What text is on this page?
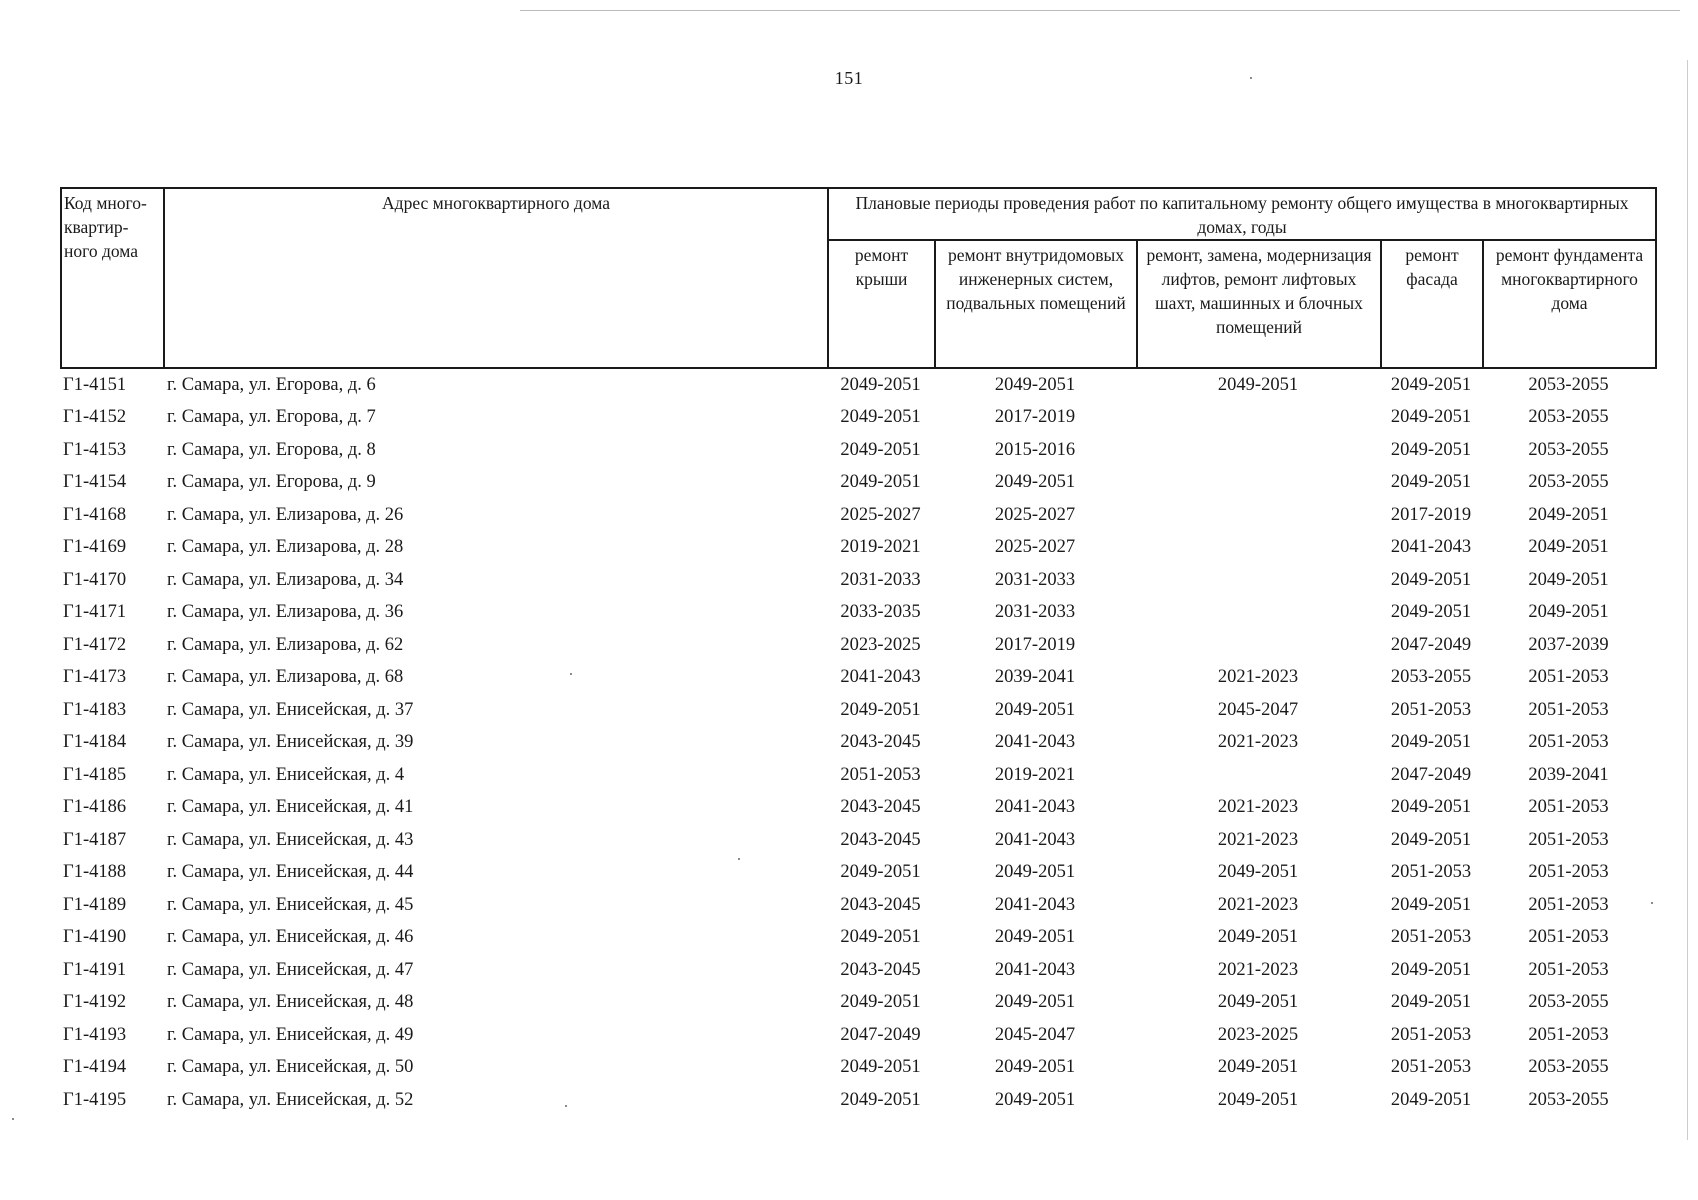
151
Код много-квартир-ного дома	Адрес многоквартирного дома	Плановые периоды проведения работ по капитальному ремонту общего имущества в многоквартирных домах, годы				
		ремонт крыши	ремонт внутридомовых инженерных систем, подвальных помещений	ремонт, замена, модернизация лифтов, ремонт лифтовых шахт, машинных и блочных помещений	ремонт фасада	ремонт фундамента многоквартирного дома
Г1-4151	г. Самара, ул. Егорова, д. 6	2049-2051	2049-2051	2049-2051	2049-2051	2053-2055
Г1-4152	г. Самара, ул. Егорова, д. 7	2049-2051	2017-2019		2049-2051	2053-2055
Г1-4153	г. Самара, ул. Егорова, д. 8	2049-2051	2015-2016		2049-2051	2053-2055
Г1-4154	г. Самара, ул. Егорова, д. 9	2049-2051	2049-2051		2049-2051	2053-2055
Г1-4168	г. Самара, ул. Елизарова, д. 26	2025-2027	2025-2027		2017-2019	2049-2051
Г1-4169	г. Самара, ул. Елизарова, д. 28	2019-2021	2025-2027		2041-2043	2049-2051
Г1-4170	г. Самара, ул. Елизарова, д. 34	2031-2033	2031-2033		2049-2051	2049-2051
Г1-4171	г. Самара, ул. Елизарова, д. 36	2033-2035	2031-2033		2049-2051	2049-2051
Г1-4172	г. Самара, ул. Елизарова, д. 62	2023-2025	2017-2019		2047-2049	2037-2039
Г1-4173	г. Самара, ул. Елизарова, д. 68	2041-2043	2039-2041	2021-2023	2053-2055	2051-2053
Г1-4183	г. Самара, ул. Енисейская, д. 37	2049-2051	2049-2051	2045-2047	2051-2053	2051-2053
Г1-4184	г. Самара, ул. Енисейская, д. 39	2043-2045	2041-2043	2021-2023	2049-2051	2051-2053
Г1-4185	г. Самара, ул. Енисейская, д. 4	2051-2053	2019-2021		2047-2049	2039-2041
Г1-4186	г. Самара, ул. Енисейская, д. 41	2043-2045	2041-2043	2021-2023	2049-2051	2051-2053
Г1-4187	г. Самара, ул. Енисейская, д. 43	2043-2045	2041-2043	2021-2023	2049-2051	2051-2053
Г1-4188	г. Самара, ул. Енисейская, д. 44	2049-2051	2049-2051	2049-2051	2051-2053	2051-2053
Г1-4189	г. Самара, ул. Енисейская, д. 45	2043-2045	2041-2043	2021-2023	2049-2051	2051-2053
Г1-4190	г. Самара, ул. Енисейская, д. 46	2049-2051	2049-2051	2049-2051	2051-2053	2051-2053
Г1-4191	г. Самара, ул. Енисейская, д. 47	2043-2045	2041-2043	2021-2023	2049-2051	2051-2053
Г1-4192	г. Самара, ул. Енисейская, д. 48	2049-2051	2049-2051	2049-2051	2049-2051	2053-2055
Г1-4193	г. Самара, ул. Енисейская, д. 49	2047-2049	2045-2047	2023-2025	2051-2053	2051-2053
Г1-4194	г. Самара, ул. Енисейская, д. 50	2049-2051	2049-2051	2049-2051	2051-2053	2053-2055
Г1-4195	г. Самара, ул. Енисейская, д. 52	2049-2051	2049-2051	2049-2051	2049-2051	2053-2055
